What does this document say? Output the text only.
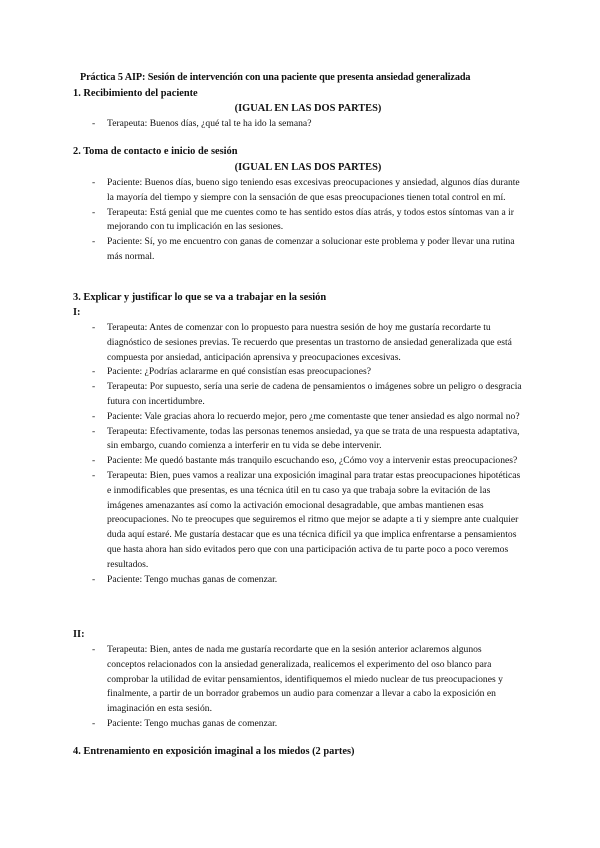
Práctica 5 AIP: Sesión de intervención con una paciente que presenta ansiedad generalizada
1. Recibimiento del paciente
(IGUAL EN LAS DOS PARTES)
- Terapeuta: Buenos días, ¿qué tal te ha ido la semana?
2. Toma de contacto e inicio de sesión
(IGUAL EN LAS DOS PARTES)
- Paciente: Buenos días, bueno sigo teniendo esas excesivas preocupaciones y ansiedad, algunos días durante la mayoría del tiempo y siempre con la sensación de que esas preocupaciones tienen total control en mí.
- Terapeuta: Está genial que me cuentes como te has sentido estos días atrás, y todos estos síntomas van a ir mejorando con tu implicación en las sesiones.
- Paciente: Sí, yo me encuentro con ganas de comenzar a solucionar este problema y poder llevar una rutina más normal.
3. Explicar y justificar lo que se va a trabajar en la sesión
I:
- Terapeuta: Antes de comenzar con lo propuesto para nuestra sesión de hoy me gustaría recordarte tu diagnóstico de sesiones previas. Te recuerdo que presentas un trastorno de ansiedad generalizada que está compuesta por ansiedad, anticipación aprensiva y preocupaciones excesivas.
- Paciente: ¿Podrías aclararme en qué consistían esas preocupaciones?
- Terapeuta: Por supuesto, sería una serie de cadena de pensamientos o imágenes sobre un peligro o desgracia futura con incertidumbre.
- Paciente: Vale gracias ahora lo recuerdo mejor, pero ¿me comentaste que tener ansiedad es algo normal no?
- Terapeuta: Efectivamente, todas las personas tenemos ansiedad, ya que se trata de una respuesta adaptativa, sin embargo, cuando comienza a interferir en tu vida se debe intervenir.
- Paciente: Me quedó bastante más tranquilo escuchando eso, ¿Cómo voy a intervenir estas preocupaciones?
- Terapeuta: Bien, pues vamos a realizar una exposición imaginal para tratar estas preocupaciones hipotéticas e inmodificables que presentas, es una técnica útil en tu caso ya que trabaja sobre la evitación de las imágenes amenazantes así como la activación emocional desagradable, que ambas mantienen esas preocupaciones. No te preocupes que seguiremos el ritmo que mejor se adapte a ti y siempre ante cualquier duda aquí estaré. Me gustaría destacar que es una técnica difícil ya que implica enfrentarse a pensamientos que hasta ahora han sido evitados pero que con una participación activa de tu parte poco a poco veremos resultados.
- Paciente: Tengo muchas ganas de comenzar.
II:
- Terapeuta: Bien, antes de nada me gustaría recordarte que en la sesión anterior aclaremos algunos conceptos relacionados con la ansiedad generalizada, realicemos el experimento del oso blanco para comprobar la utilidad de evitar pensamientos, identifiquemos el miedo nuclear de tus preocupaciones y finalmente, a partir de un borrador grabemos un audio para comenzar a llevar a cabo la exposición en imaginación en esta sesión.
- Paciente: Tengo muchas ganas de comenzar.
4. Entrenamiento en exposición imaginal a los miedos (2 partes)
